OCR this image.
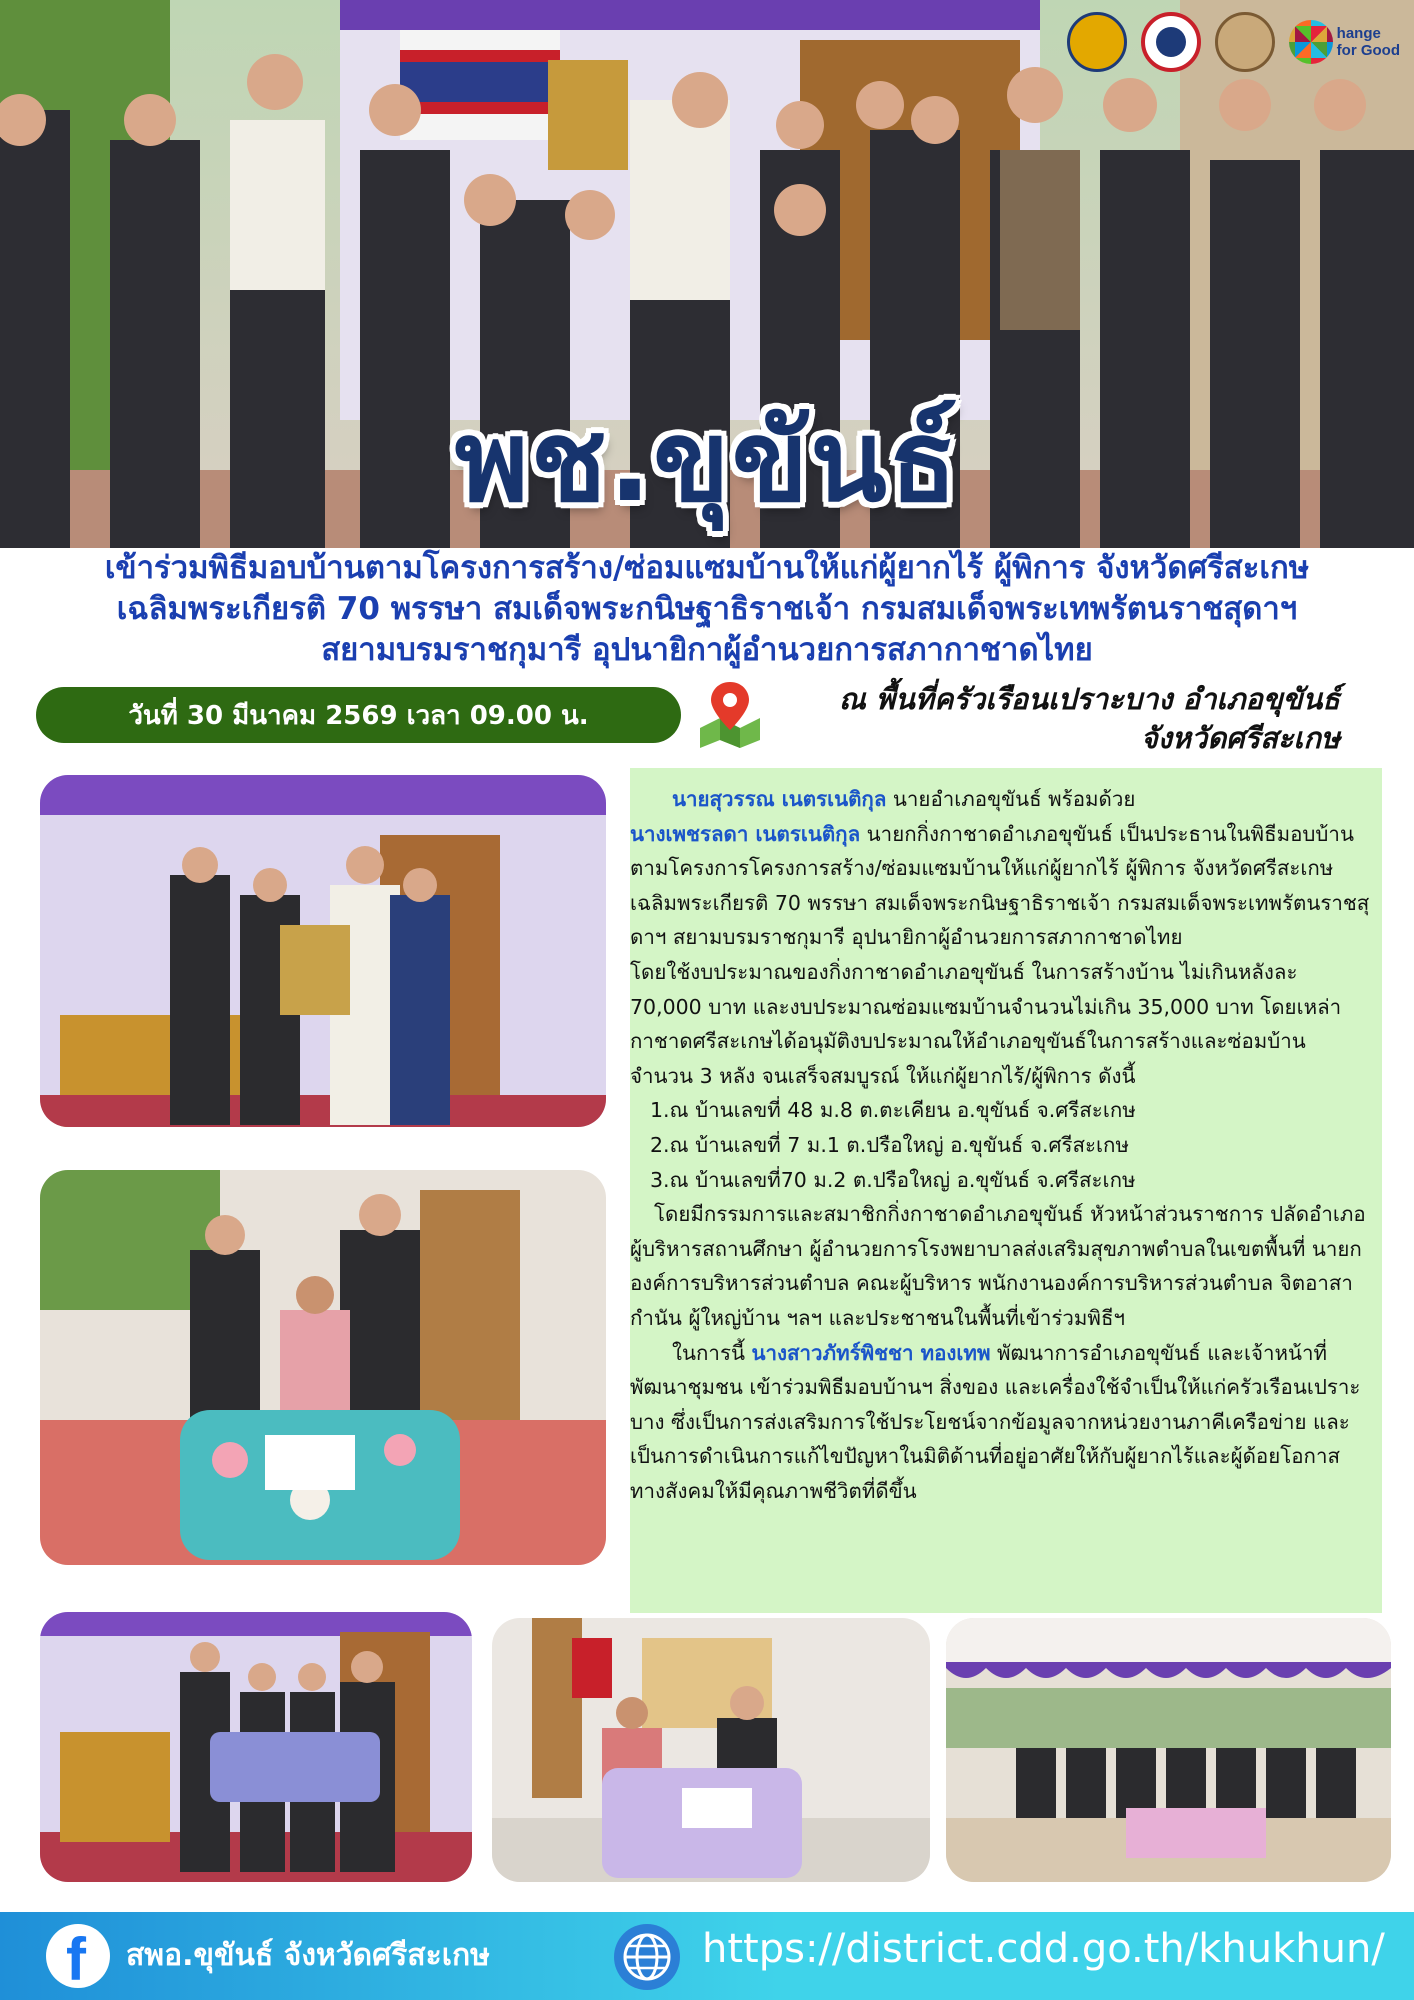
hange
for Good
พช.ขุขันธ์
เข้าร่วมพิธีมอบบ้านตามโครงการสร้าง/ซ่อมแซมบ้านให้แก่ผู้ยากไร้ ผู้พิการ จังหวัดศรีสะเกษ
เฉลิมพระเกียรติ 70 พรรษา สมเด็จพระกนิษฐาธิราชเจ้า กรมสมเด็จพระเทพรัตนราชสุดาฯ
สยามบรมราชกุมารี อุปนายิกาผู้อำนวยการสภากาชาดไทย
วันที่ 30 มีนาคม 2569 เวลา 09.00 น.	ณ พื้นที่ครัวเรือนเปราะบาง อำเภอขุขันธ์
จังหวัดศรีสะเกษ

นายสุวรรณ เนตรเนติกุล นายอำเภอขุขันธ์ พร้อมด้วย
นางเพชรลดา เนตรเนติกุล นายกกิ่งกาชาดอำเภอขุขันธ์ เป็นประธานในพิธีมอบบ้านตามโครงการโครงการสร้าง/ซ่อมแซมบ้านให้แก่ผู้ยากไร้ ผู้พิการ จังหวัดศรีสะเกษ เฉลิมพระเกียรติ 70 พรรษา สมเด็จพระกนิษฐาธิราชเจ้า กรมสมเด็จพระเทพรัตนราชสุดาฯ สยามบรมราชกุมารี อุปนายิกาผู้อำนวยการสภากาชาดไทย

โดยใช้งบประมาณของกิ่งกาชาดอำเภอขุขันธ์ ในการสร้างบ้าน ไม่เกินหลังละ 70,000 บาท และงบประมาณซ่อมแซมบ้านจำนวนไม่เกิน 35,000 บาท โดยเหล่ากาชาดศรีสะเกษได้อนุมัติงบประมาณให้อำเภอขุขันธ์ในการสร้างและซ่อมบ้าน จำนวน 3 หลัง จนเสร็จสมบูรณ์ ให้แก่ผู้ยากไร้/ผู้พิการ ดังนี้

1.ณ บ้านเลขที่ 48 ม.8 ต.ตะเคียน อ.ขุขันธ์ จ.ศรีสะเกษ

2.ณ บ้านเลขที่ 7 ม.1 ต.ปรือใหญ่ อ.ขุขันธ์ จ.ศรีสะเกษ

3.ณ บ้านเลขที่70 ม.2 ต.ปรือใหญ่ อ.ขุขันธ์ จ.ศรีสะเกษ

โดยมีกรรมการและสมาชิกกิ่งกาชาดอำเภอขุขันธ์ หัวหน้าส่วนราชการ ปลัดอำเภอ ผู้บริหารสถานศึกษา ผู้อำนวยการโรงพยาบาลส่งเสริมสุขภาพตำบลในเขตพื้นที่ นายกองค์การบริหารส่วนตำบล คณะผู้บริหาร พนักงานองค์การบริหารส่วนตำบล จิตอาสา กำนัน ผู้ใหญ่บ้าน ฯลฯ และประชาชนในพื้นที่เข้าร่วมพิธีฯ

ในการนี้ นางสาวภัทร์พิชชา ทองเทพ พัฒนาการอำเภอขุขันธ์ และเจ้าหน้าที่พัฒนาชุมชน เข้าร่วมพิธีมอบบ้านฯ สิ่งของ และเครื่องใช้จำเป็นให้แก่ครัวเรือนเปราะบาง ซึ่งเป็นการส่งเสริมการใช้ประโยชน์จากข้อมูลจากหน่วยงานภาคีเครือข่าย และเป็นการดำเนินการแก้ไขปัญหาในมิติด้านที่อยู่อาศัยให้กับผู้ยากไร้และผู้ด้อยโอกาสทางสังคมให้มีคุณภาพชีวิตที่ดีขึ้น

f สพอ.ขุขันธ์ จังหวัดศรีสะเกษ	https://district.cdd.go.th/khukhun/
